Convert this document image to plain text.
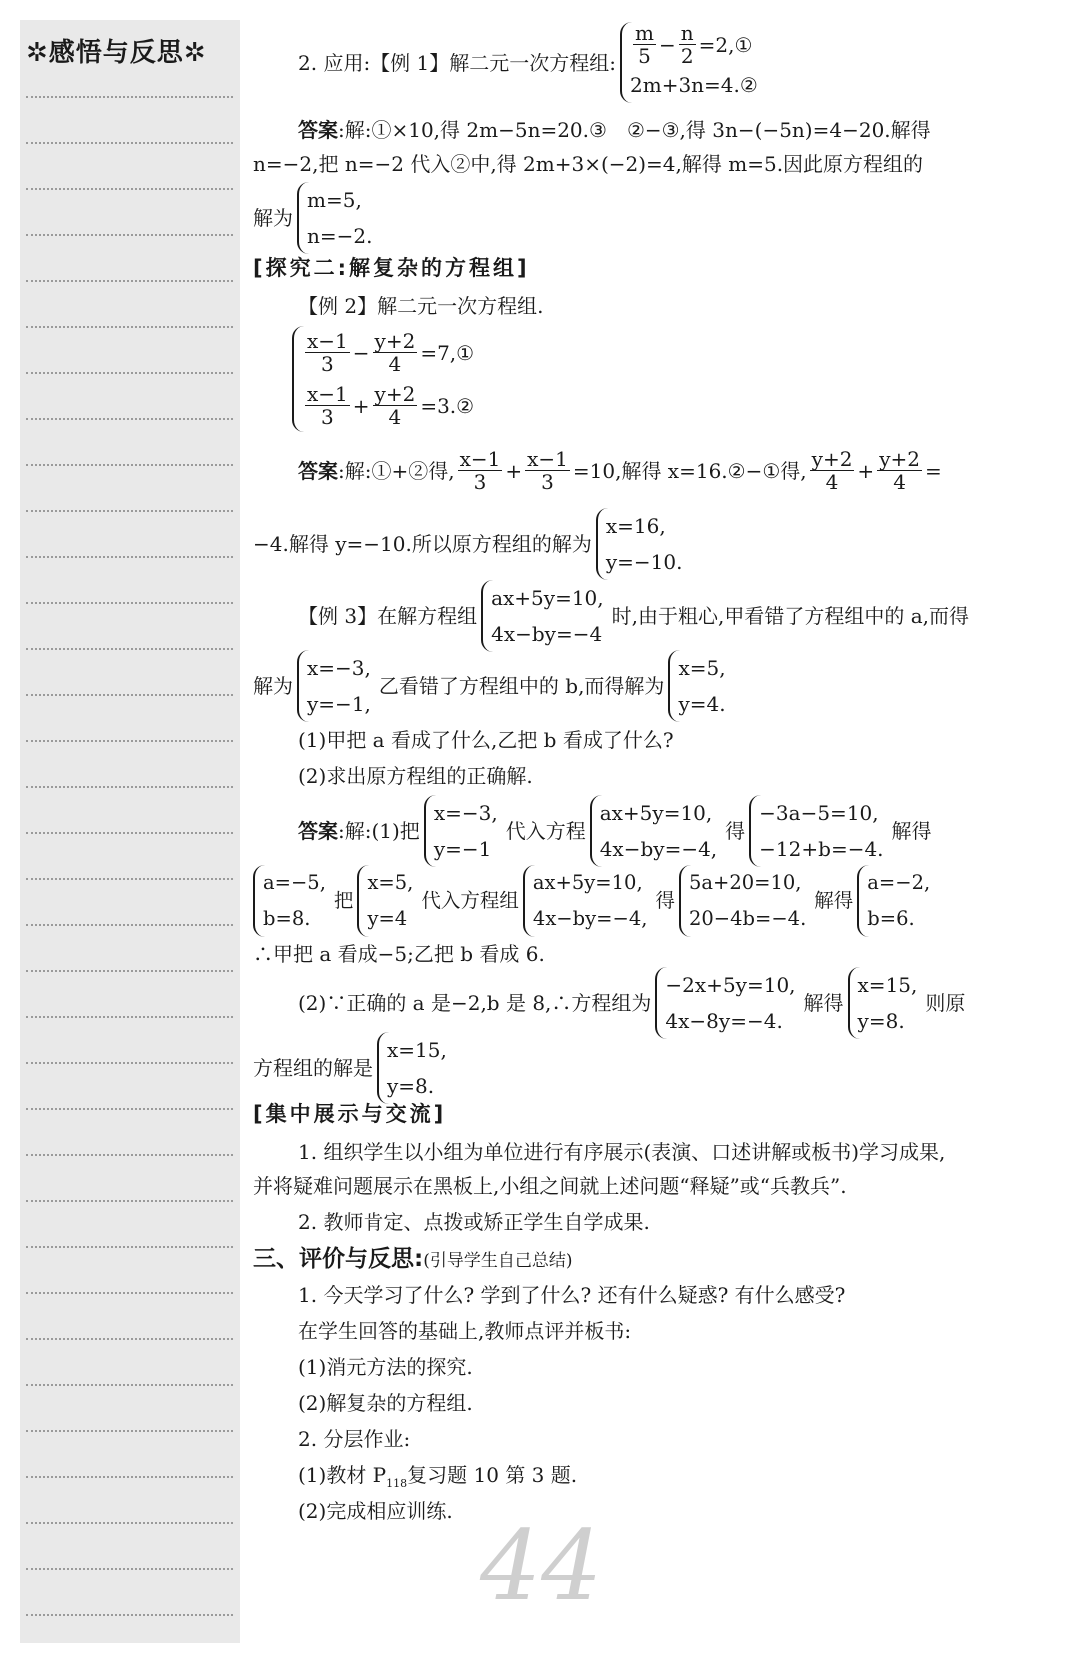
✲感悟与反思✲	2. 应用:【例 1】解二元一次方程组: $\frac{m}{5} - \frac{n}{2}$ =2,①
2m+3n=4.②
答案:解:①×10,得 2m−5n=20.③　②−③,得 3n−(−5n)=4−20.解得
n=−2,把 n=−2 代入②中,得 2m+3×(−2)=4,解得 m=5.因此原方程组的
解为
m=5,
n=−2.
[探究二:解复杂的方程组]
【例 2】解二元一次方程组.
$\frac{x-1}{3} - \frac{y+2}{4}$ =7,①
$\frac{x-1}{3} + \frac{y+2}{4}$ =3.②
答案 :解:①+②得, $\frac{x-1}{3} + \frac{x-1}{3} =10$,解得 x=16.②−①得, $\frac{y+2}{4} + \frac{y+2}{4}$ =
−4.解得 y=−10.所以原方程组的解为
x=16,
y=−10.
【例 3】在解方程组
ax+5y=10,
4x−by=−4
时,由于粗心,甲看错了方程组中的 a,而得
解为
x=−3,
y=−1,
乙看错了方程组中的 b,而得解为
x=5,
y=4.
(1)甲把 a 看成了什么,乙把 b 看成了什么?
(2)求出原方程组的正确解.
答案 :解:(1)把
x=−3,
y=−1
代入方程
ax+5y=10,
4x−by=−4,
得
−3a−5=10,
−12+b=−4.
解得
a=−5,
b=8.
把
x=5,
y=4
代入方程组
ax+5y=10,
4x−by=−4,
得
5a+20=10,
20−4b=−4.
解得
a=−2,
b=6.
∴甲把 a 看成−5;乙把 b 看成 6.
(2)∵正确的 a 是−2,b 是 8,∴方程组为
−2x+5y=10,
4x−8y=−4.
解得
x=15,
y=8.
则原
方程组的解是
x=15,
y=8.
[集中展示与交流]
1. 组织学生以小组为单位进行有序展示(表演、口述讲解或板书)学习成果,
并将疑难问题展示在黑板上,小组之间就上述问题“释疑”或“兵教兵”.
2. 教师肯定、点拨或矫正学生自学成果.
三、评价与反思:(引导学生自己总结)
1. 今天学习了什么? 学到了什么? 还有什么疑惑? 有什么感受?
在学生回答的基础上,教师点评并板书:
(1)消元方法的探究.
(2)解复杂的方程组.
2. 分层作业:
(1)教材 $P_{118}$复习题 10 第 3 题.
(2)完成相应训练. 44
